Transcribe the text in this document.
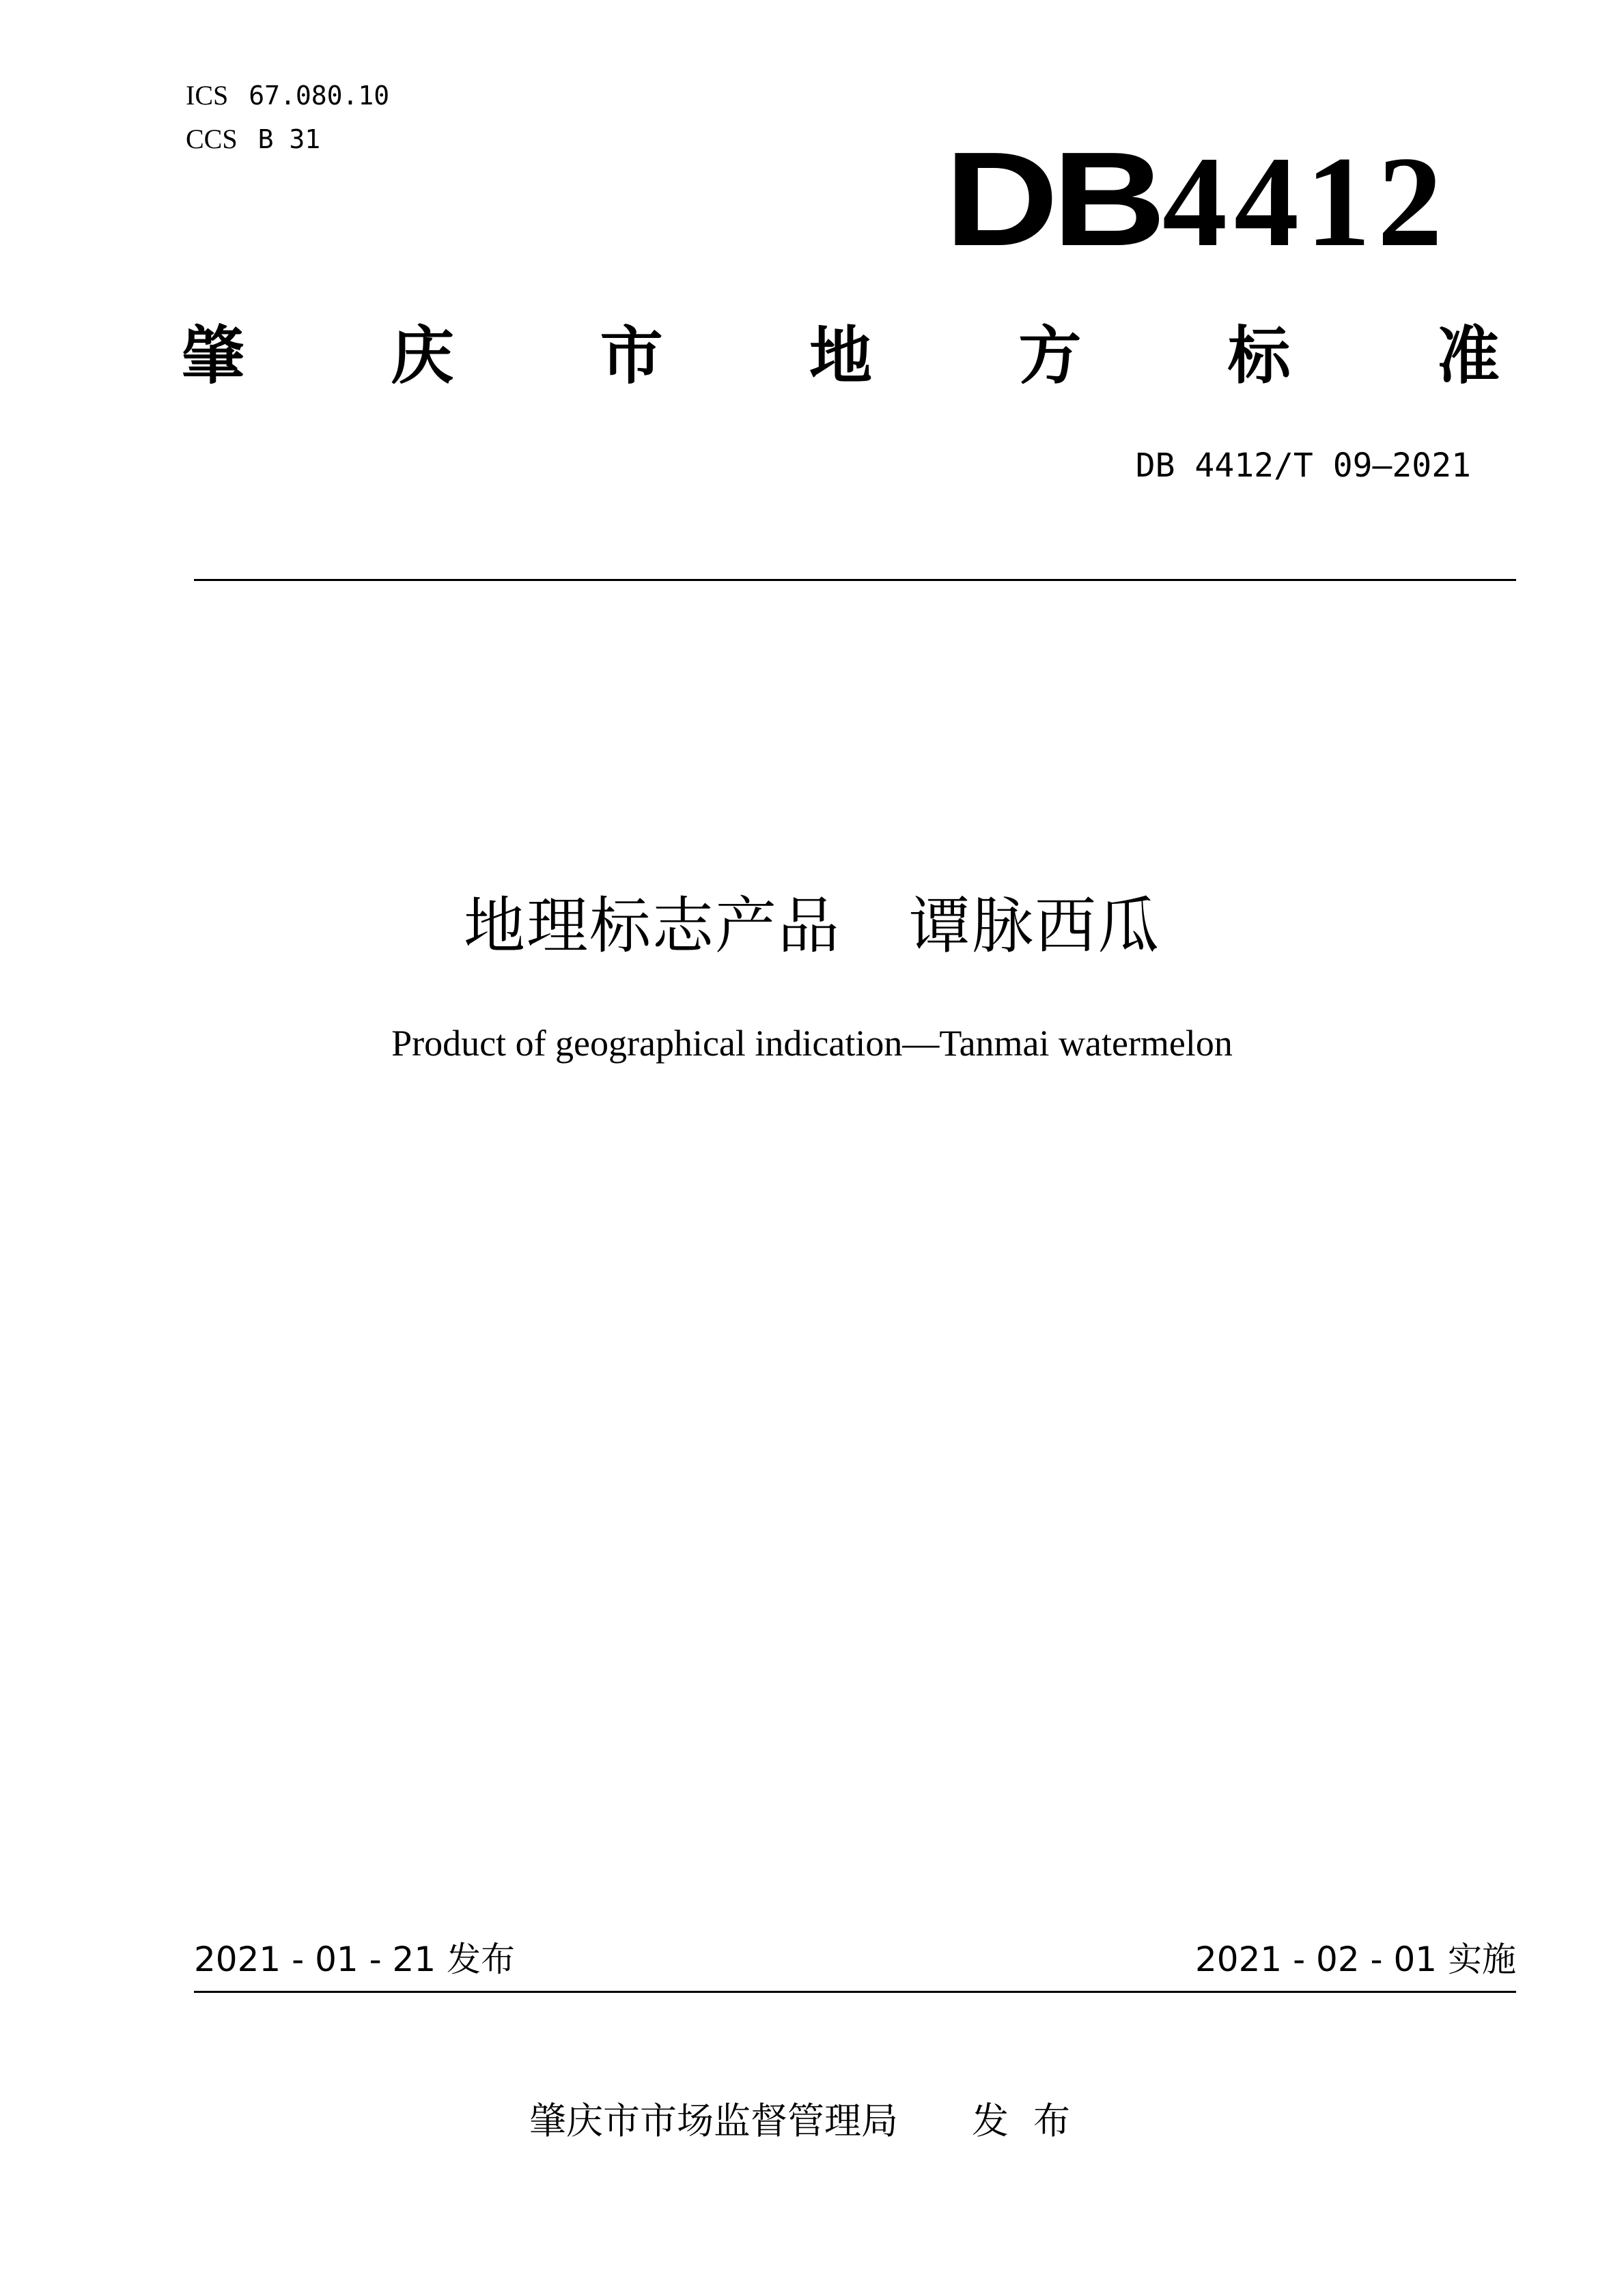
ICS 67.080.10
CCS B 31	DB4412
肇 庆 市 地 方 标 准
DB 4412/T 09—2021
地理标志产品 谭脉西瓜
Product of geographical indication—Tanmai watermelon
2021 - 01 - 21 发布	2021 - 02 - 01 实施
肇庆市市场监督管理局 发布
